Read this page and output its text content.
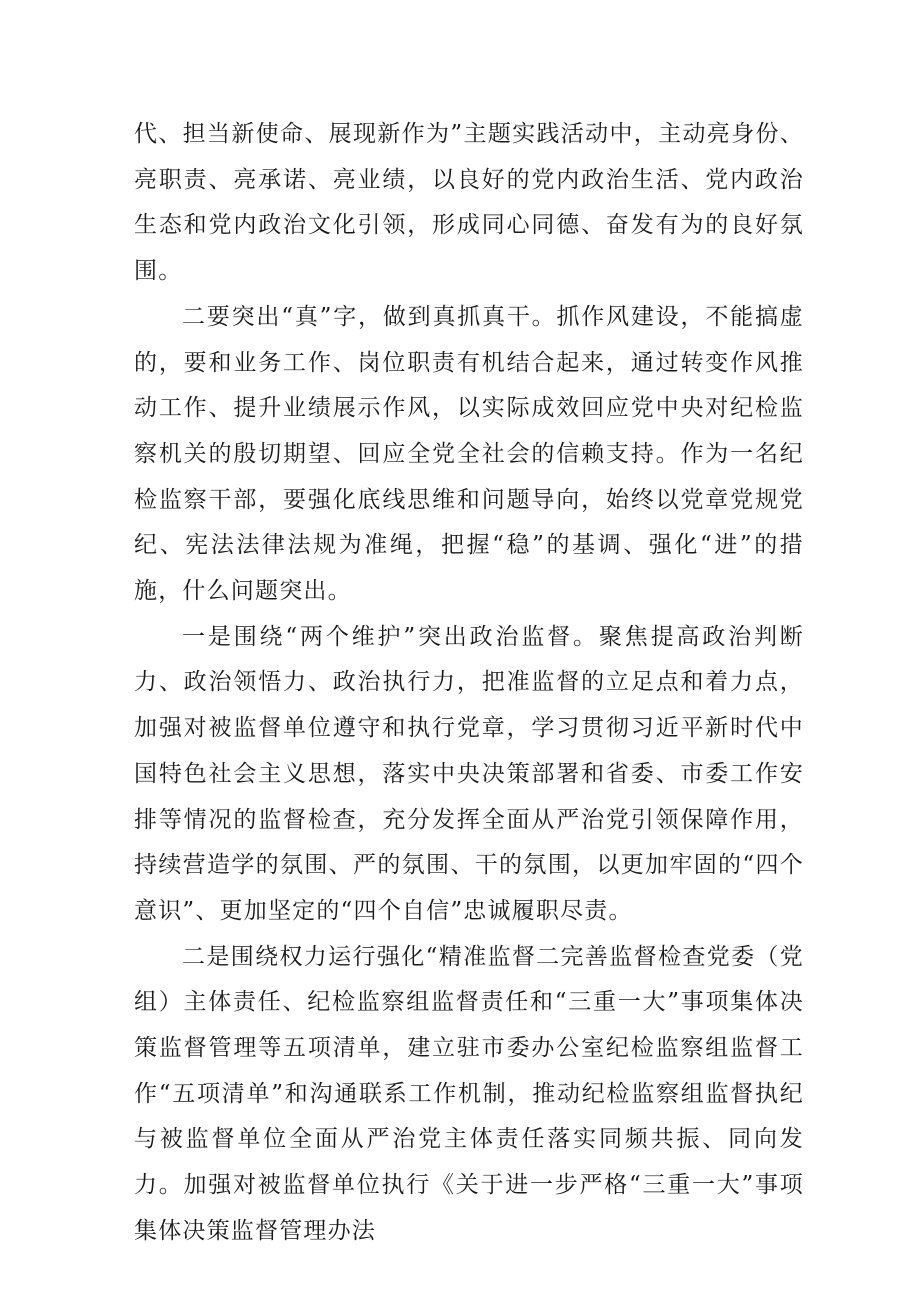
代、担当新使命、展现新作为”主题实践活动中，主动亮身份、亮职责、亮承诺、亮业绩，以良好的党内政治生活、党内政治生态和党内政治文化引领，形成同心同德、奋发有为的良好氛围。

二要突出“真”字，做到真抓真干。抓作风建设，不能搞虚的，要和业务工作、岗位职责有机结合起来，通过转变作风推动工作、提升业绩展示作风，以实际成效回应党中央对纪检监察机关的殷切期望、回应全党全社会的信赖支持。作为一名纪检监察干部，要强化底线思维和问题导向，始终以党章党规党纪、宪法法律法规为准绳，把握“稳”的基调、强化“进”的措施，什么问题突出。

一是围绕“两个维护”突出政治监督。聚焦提高政治判断力、政治领悟力、政治执行力，把准监督的立足点和着力点，加强对被监督单位遵守和执行党章，学习贯彻习近平新时代中国特色社会主义思想，落实中央决策部署和省委、市委工作安排等情况的监督检查，充分发挥全面从严治党引领保障作用，持续营造学的氛围、严的氛围、干的氛围，以更加牢固的“四个意识”、更加坚定的“四个自信”忠诚履职尽责。

二是围绕权力运行强化“精准监督二完善监督检查党委（党组）主体责任、纪检监察组监督责任和“三重一大”事项集体决策监督管理等五项清单，建立驻市委办公室纪检监察组监督工作“五项清单”和沟通联系工作机制，推动纪检监察组监督执纪与被监督单位全面从严治党主体责任落实同频共振、同向发力。加强对被监督单位执行《关于进一步严格“三重一大”事项集体决策监督管理办法
